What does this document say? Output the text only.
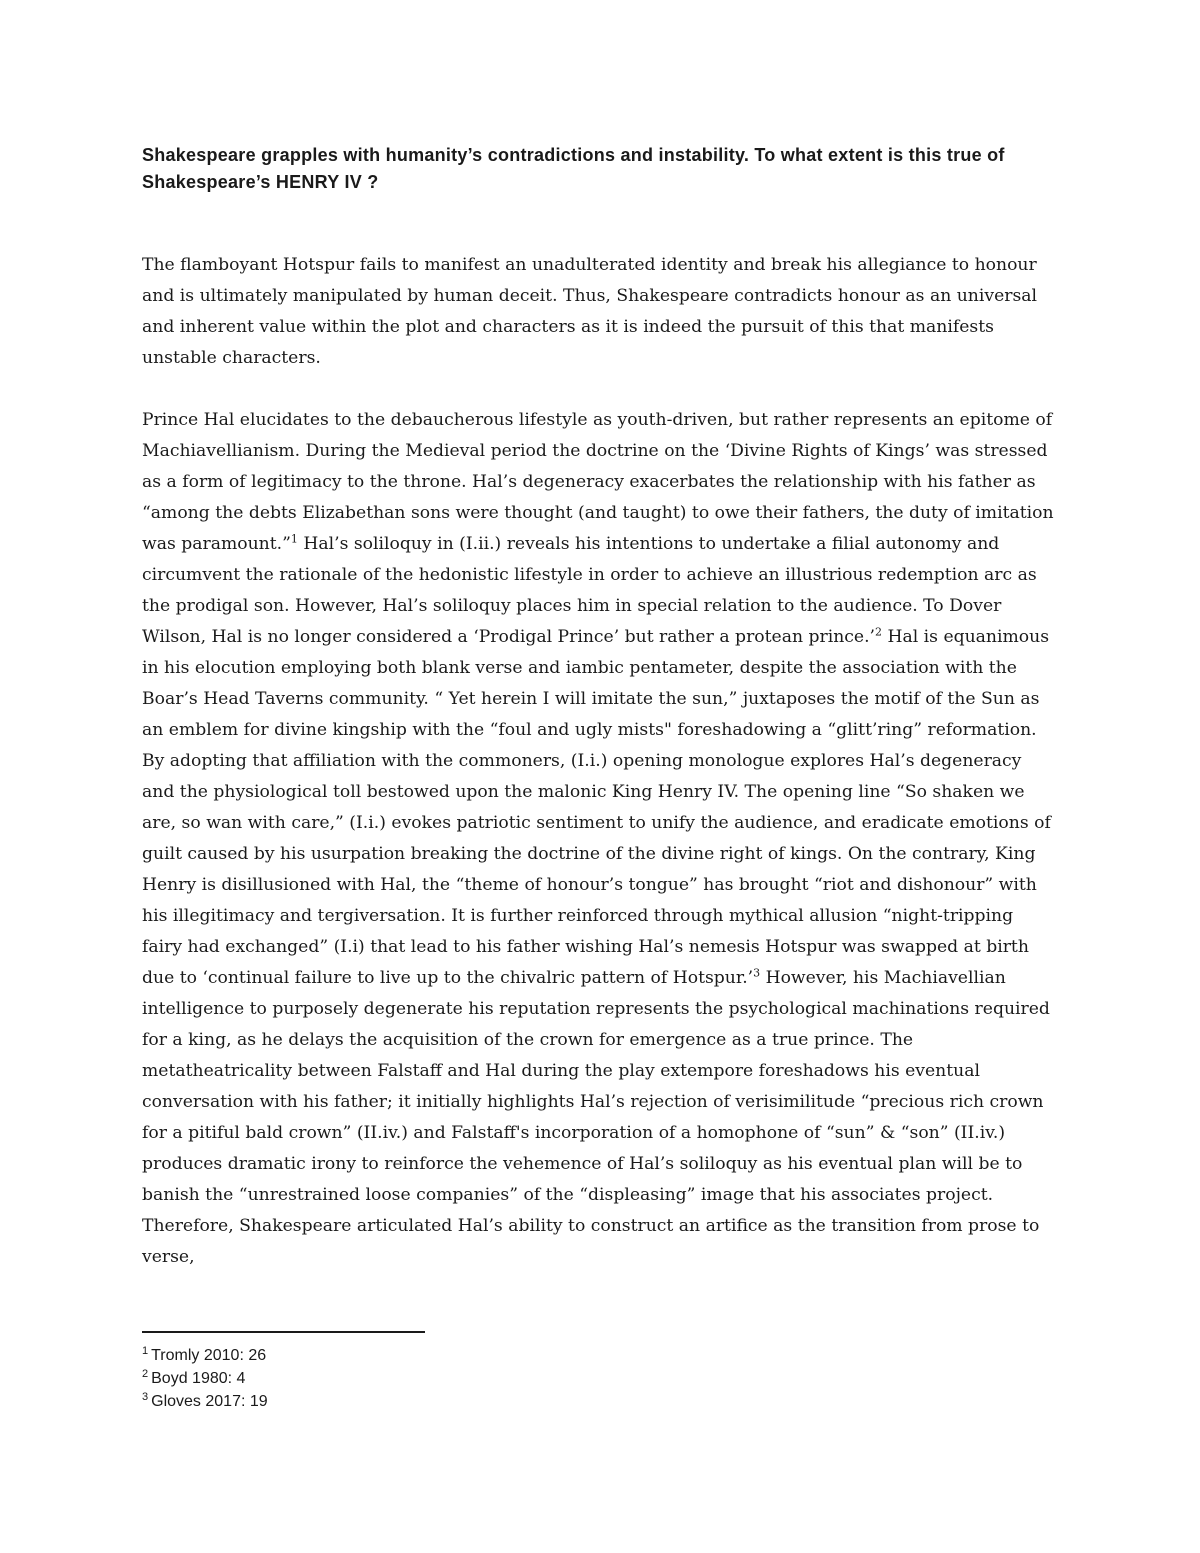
Shakespeare grapples with humanity’s contradictions and instability. To what extent is this true of Shakespeare’s HENRY IV ?

The flamboyant Hotspur fails to manifest an unadulterated identity and break his allegiance to honour and is ultimately manipulated by human deceit. Thus, Shakespeare contradicts honour as an universal and inherent value within the plot and characters as it is indeed the pursuit of this that manifests unstable characters.

Prince Hal elucidates to the debaucherous lifestyle as youth-driven, but rather represents an epitome of Machiavellianism. During the Medieval period the doctrine on the ‘Divine Rights of Kings’ was stressed as a form of legitimacy to the throne. Hal’s degeneracy exacerbates the relationship with his father as “among the debts Elizabethan sons were thought (and taught) to owe their fathers, the duty of imitation was paramount.”$^1$ Hal’s soliloquy in (I.ii.) reveals his intentions to undertake a filial autonomy and circumvent the rationale of the hedonistic lifestyle in order to achieve an illustrious redemption arc as the prodigal son. However, Hal’s soliloquy places him in special relation to the audience. To Dover Wilson, Hal is no longer considered a ‘Prodigal Prince’ but rather a protean prince.’$^2$ Hal is equanimous in his elocution employing both blank verse and iambic pentameter, despite the association with the Boar’s Head Taverns community. “ Yet herein I will imitate the sun,” juxtaposes the motif of the Sun as an emblem for divine kingship with the “foul and ugly mists" foreshadowing a “glitt’ring” reformation. By adopting that affiliation with the commoners, (I.i.) opening monologue explores Hal’s degeneracy and the physiological toll bestowed upon the malonic King Henry IV. The opening line “So shaken we are, so wan with care,” (I.i.) evokes patriotic sentiment to unify the audience, and eradicate emotions of guilt caused by his usurpation breaking the doctrine of the divine right of kings. On the contrary, King Henry is disillusioned with Hal, the “theme of honour’s tongue” has brought “riot and dishonour” with his illegitimacy and tergiversation. It is further reinforced through mythical allusion “night-tripping fairy had exchanged” (I.i) that lead to his father wishing Hal’s nemesis Hotspur was swapped at birth due to ‘continual failure to live up to the chivalric pattern of Hotspur.’$^3$ However, his Machiavellian intelligence to purposely degenerate his reputation represents the psychological machinations required for a king, as he delays the acquisition of the crown for emergence as a true prince. The metatheatricality between Falstaff and Hal during the play extempore foreshadows his eventual conversation with his father; it initially highlights Hal’s rejection of verisimilitude “precious rich crown for a pitiful bald crown” (II.iv.) and Falstaff's incorporation of a homophone of “sun” & “son” (II.iv.) produces dramatic irony to reinforce the vehemence of Hal’s soliloquy as his eventual plan will be to banish the “unrestrained loose companies” of the “displeasing” image that his associates project. Therefore, Shakespeare articulated Hal’s ability to construct an artifice as the transition from prose to verse,

$^1$ Tromly 2010: 26
$^2$ Boyd 1980: 4
$^3$ Gloves 2017: 19
